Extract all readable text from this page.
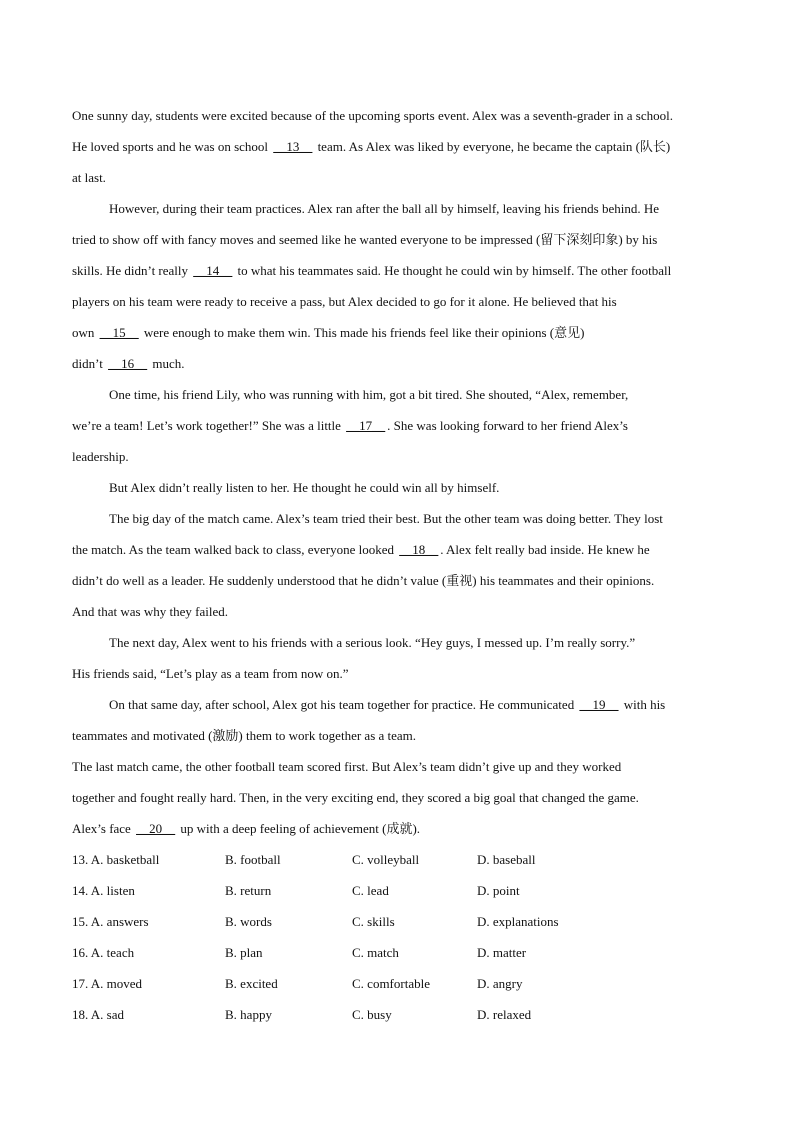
One sunny day, students were excited because of the upcoming sports event. Alex was a seventh-grader in a school.
He loved sports and he was on school __13__ team. As Alex was liked by everyone, he became the captain (队长)
at last.
However, during their team practices. Alex ran after the ball all by himself, leaving his friends behind. He
tried to show off with fancy moves and seemed like he wanted everyone to be impressed (留下深刻印象) by his
skills. He didn’t really __14__ to what his teammates said. He thought he could win by himself. The other football
players on his team were ready to receive a pass, but Alex decided to go for it alone. He believed that his
own __15__ were enough to make them win. This made his friends feel like their opinions (意见)
didn’t __16__ much.
One time, his friend Lily, who was running with him, got a bit tired. She shouted, “Alex, remember,
we’re a team! Let’s work together!” She was a little __17__ . She was looking forward to her friend Alex’s
leadership.
But Alex didn’t really listen to her. He thought he could win all by himself.
The big day of the match came. Alex’s team tried their best. But the other team was doing better. They lost
the match. As the team walked back to class, everyone looked __18__ . Alex felt really bad inside. He knew he
didn’t do well as a leader. He suddenly understood that he didn’t value (重视) his teammates and their opinions.
And that was why they failed.
The next day, Alex went to his friends with a serious look. “Hey guys, I messed up. I’m really sorry.”
His friends said, “Let’s play as a team from now on.”
On that same day, after school, Alex got his team together for practice. He communicated __19__ with his
teammates and motivated (激励) them to work together as a team.
The last match came, the other football team scored first. But Alex’s team didn’t give up and they worked
together and fought really hard. Then, in the very exciting end, they scored a big goal that changed the game.
Alex’s face __20__ up with a deep feeling of achievement (成就).
13. A. basketball	B. football	C. volleyball	D. baseball
14. A. listen	B. return	C. lead	D. point
15. A. answers	B. words	C. skills	D. explanations
16. A. teach	B. plan	C. match	D. matter
17. A. moved	B. excited	C. comfortable	D. angry
18. A. sad	B. happy	C. busy	D. relaxed
